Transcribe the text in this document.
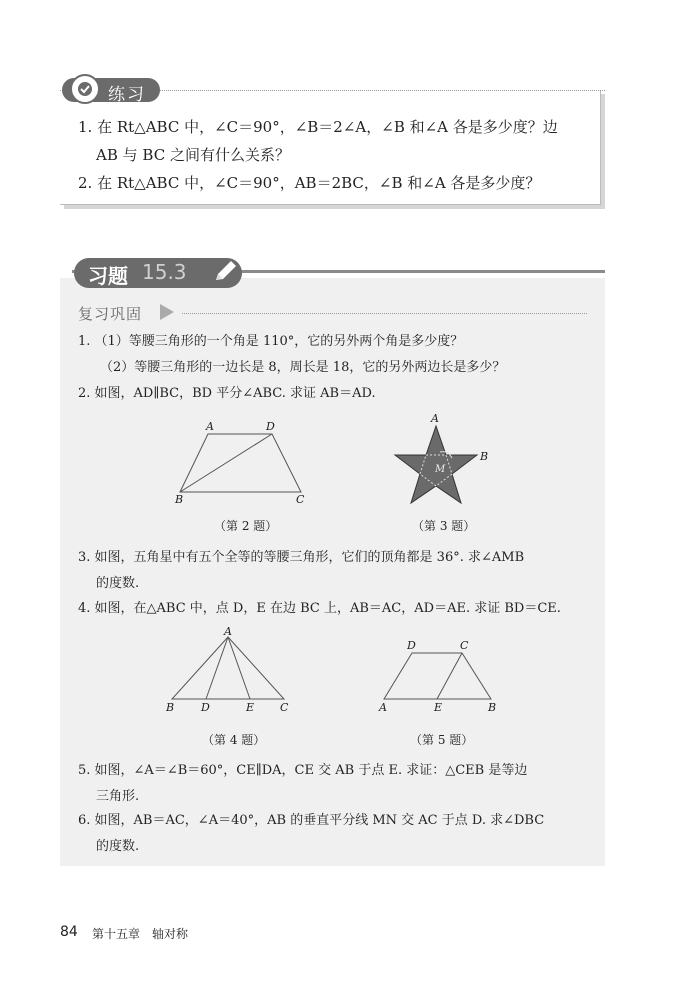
练习
1. 在 Rt△ABC 中，∠C＝90°，∠B＝2∠A，∠B 和∠A 各是多少度？边
AB 与 BC 之间有什么关系？
2. 在 Rt△ABC 中，∠C＝90°，AB＝2BC，∠B 和∠A 各是多少度？
习题 15.3
复习巩固
1. （1）等腰三角形的一个角是 110°，它的另外两个角是多少度？
（2）等腰三角形的一边长是 8，周长是 18，它的另外两边长是多少？
2. 如图，AD∥BC，BD 平分∠ABC. 求证 AB＝AD.
A	D
B	C
（第 2 题）
A
B
M
（第 3 题）
3. 如图，五角星中有五个全等的等腰三角形，它们的顶角都是 36°. 求∠AMB
的度数.
4. 如图，在△ABC 中，点 D，E 在边 BC 上，AB＝AC，AD＝AE. 求证 BD＝CE.
A
B D	E C
（第 4 题）
D	C
A	E	B
（第 5 题）
5. 如图，∠A＝∠B＝60°，CE∥DA，CE 交 AB 于点 E. 求证：△CEB 是等边
三角形.
6. 如图，AB＝AC，∠A＝40°，AB 的垂直平分线 MN 交 AC 于点 D. 求∠DBC
的度数.
84 第十五章　轴对称
